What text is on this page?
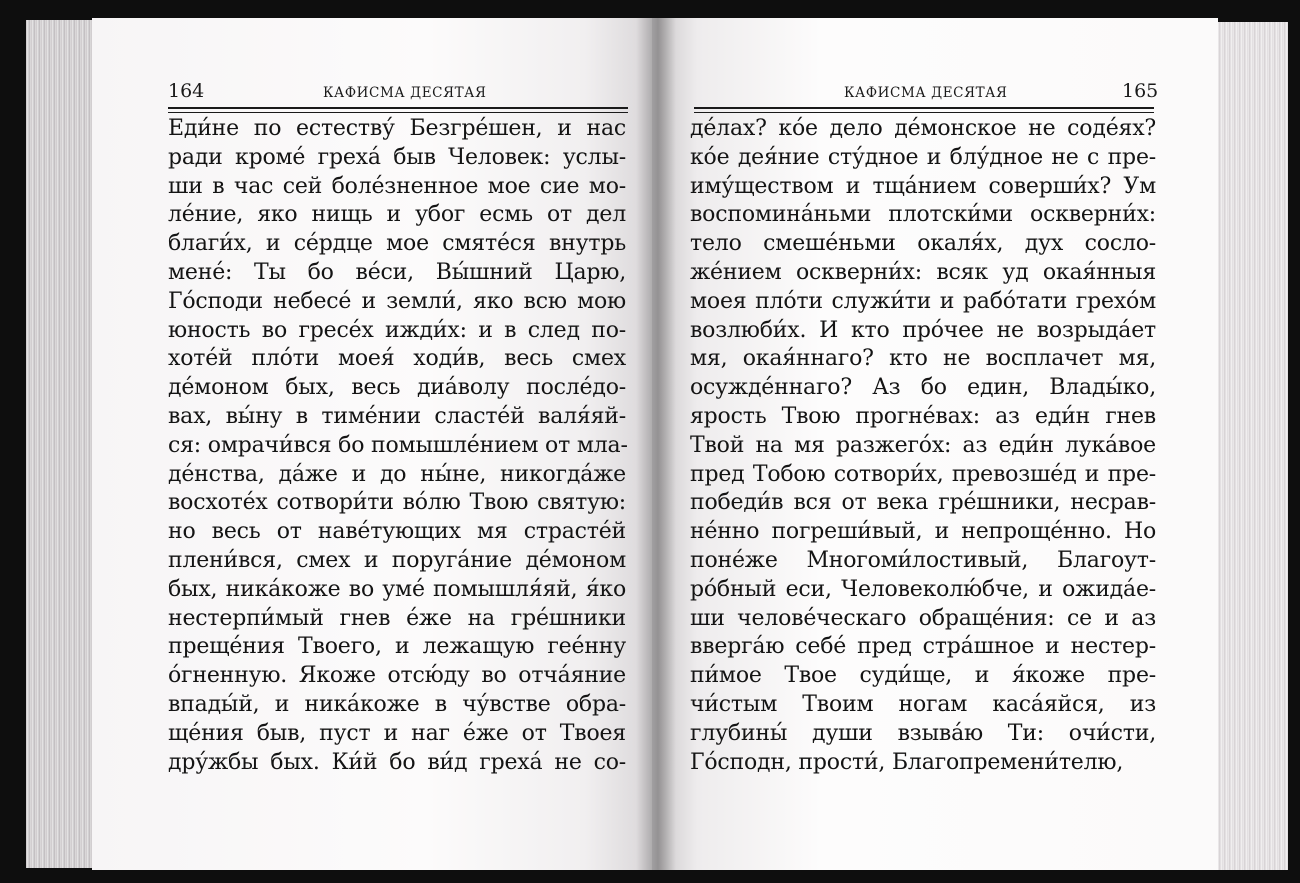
164	КАФИСМА ДЕСЯТАЯ
Еди́не по естеству́ Безгре́шен, и нас
ради кроме́ греха́ быв Человек: услы-
ши в час сей боле́зненное мое сие мо-
ле́ние, яко нищь и убог есмь от дел
благи́х, и се́рдце мое смяте́ся внутрь
мене́: Ты бо ве́си, Вы́шний Царю,
Го́споди небесе́ и земли́, яко всю мою
юность во гресе́х ижди́х: и в след по-
хоте́й пло́ти моея́ ходи́в, весь смех
де́моном бых, весь диа́волу после́до-
вах, вы́ну в тиме́нии сласте́й валя́яй-
ся: омрачи́вся бо помышле́нием от мла-
де́нства, да́же и до ны́не, никогда́же
восхоте́х сотвори́ти во́лю Твою святую:
но весь от наве́тующих мя страсте́й
плени́вся, смех и поруга́ние де́моном
бых, ника́коже во уме́ помышля́яй, я́ко
нестерпи́мый гнев е́же на гре́шники
преще́ния Твоего, и лежащую гее́нну
о́гненную. Якоже отсю́ду во отча́яние
впады́й, и ника́коже в чу́встве обра-
ще́ния быв, пуст и наг е́же от Твоея
дру́жбы бых. Ки́й бо ви́д греха́ не со-
КАФИСМА ДЕСЯТАЯ	165
де́лах? ко́е дело де́монское не соде́ях?
ко́е дея́ние сту́дное и блу́дное не с пре-
иму́ществом и тща́нием соверши́х? Ум
воспомина́ньми плотски́ми оскверни́х:
тело смеше́ньми окаля́х, дух сосло-
же́нием оскверни́х: всяк уд окая́нныя
моея пло́ти служи́ти и рабо́тати грехо́м
возлюби́х. И кто про́чее не возрыда́ет
мя, окая́ннаго? кто не восплачет мя,
осужде́ннаго? Аз бо един, Влады́ко,
ярость Твою прогне́вах: аз еди́н гнев
Твой на мя разжего́х: аз еди́н лука́вое
пред Тобою сотвори́х, превозше́д и пре-
победи́в вся от века гре́шники, несрав-
не́нно погреши́вый, и непроще́нно. Но
поне́же Многоми́лостивый, Благоут-
ро́бный еси, Человеколю́бче, и ожида́е-
ши челове́ческаго обраще́ния: се и аз
вверга́ю себе́ пред стра́шное и нестер-
пи́мое Твое суди́ще, и я́коже пре-
чи́стым Твоим ногам каса́яйся, из
глубины́ души взыва́ю Ти: очи́сти,
Го́сподн, прости́, Благопремени́телю,
